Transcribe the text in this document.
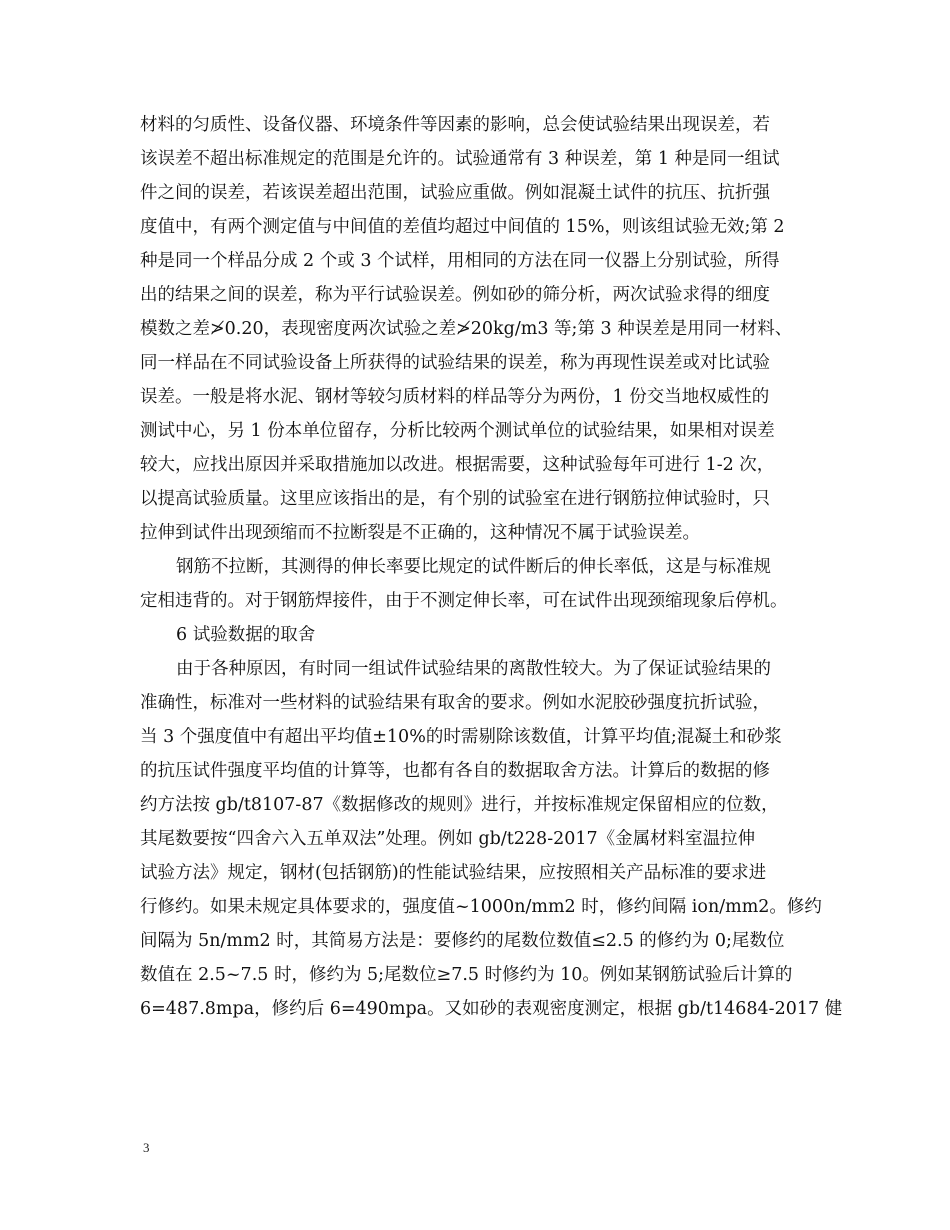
材料的匀质性、设备仪器、环境条件等因素的影响，总会使试验结果出现误差，若
该误差不超出标准规定的范围是允许的。试验通常有 3 种误差，第 1 种是同一组试
件之间的误差，若该误差超出范围，试验应重做。例如混凝土试件的抗压、抗折强
度值中，有两个测定值与中间值的差值均超过中间值的 15%，则该组试验无效;第 2
种是同一个样品分成 2 个或 3 个试样，用相同的方法在同一仪器上分别试验，所得
出的结果之间的误差，称为平行试验误差。例如砂的筛分析，两次试验求得的细度
模数之差≯0.20，表现密度两次试验之差≯20kg/m3 等;第 3 种误差是用同一材料、
同一样品在不同试验设备上所获得的试验结果的误差，称为再现性误差或对比试验
误差。一般是将水泥、钢材等较匀质材料的样品等分为两份，1 份交当地权威性的
测试中心，另 1 份本单位留存，分析比较两个测试单位的试验结果，如果相对误差
较大，应找出原因并采取措施加以改进。根据需要，这种试验每年可进行 1-2 次，
以提高试验质量。这里应该指出的是，有个别的试验室在进行钢筋拉伸试验时，只
拉伸到试件出现颈缩而不拉断裂是不正确的，这种情况不属于试验误差。
钢筋不拉断，其测得的伸长率要比规定的试件断后的伸长率低，这是与标准规
定相违背的。对于钢筋焊接件，由于不测定伸长率，可在试件出现颈缩现象后停机。
6 试验数据的取舍
由于各种原因，有时同一组试件试验结果的离散性较大。为了保证试验结果的
准确性，标准对一些材料的试验结果有取舍的要求。例如水泥胶砂强度抗折试验，
当 3 个强度值中有超出平均值±10%的时需剔除该数值，计算平均值;混凝土和砂浆
的抗压试件强度平均值的计算等，也都有各自的数据取舍方法。计算后的数据的修
约方法按 gb/t8107-87《数据修改的规则》进行，并按标准规定保留相应的位数，
其尾数要按“四舍六入五单双法”处理。例如 gb/t228-2017《金属材料室温拉伸
试验方法》规定，钢材(包括钢筋)的性能试验结果，应按照相关产品标准的要求进
行修约。如果未规定具体要求的，强度值~1000n/mm2 时，修约间隔 ion/mm2。修约
间隔为 5n/mm2 时，其简易方法是：要修约的尾数位数值≤2.5 的修约为 0;尾数位
数值在 2.5~7.5 时，修约为 5;尾数位≥7.5 时修约为 10。例如某钢筋试验后计算的
6=487.8mpa，修约后 6=490mpa。又如砂的表观密度测定，根据 gb/t14684-2017 健
3
